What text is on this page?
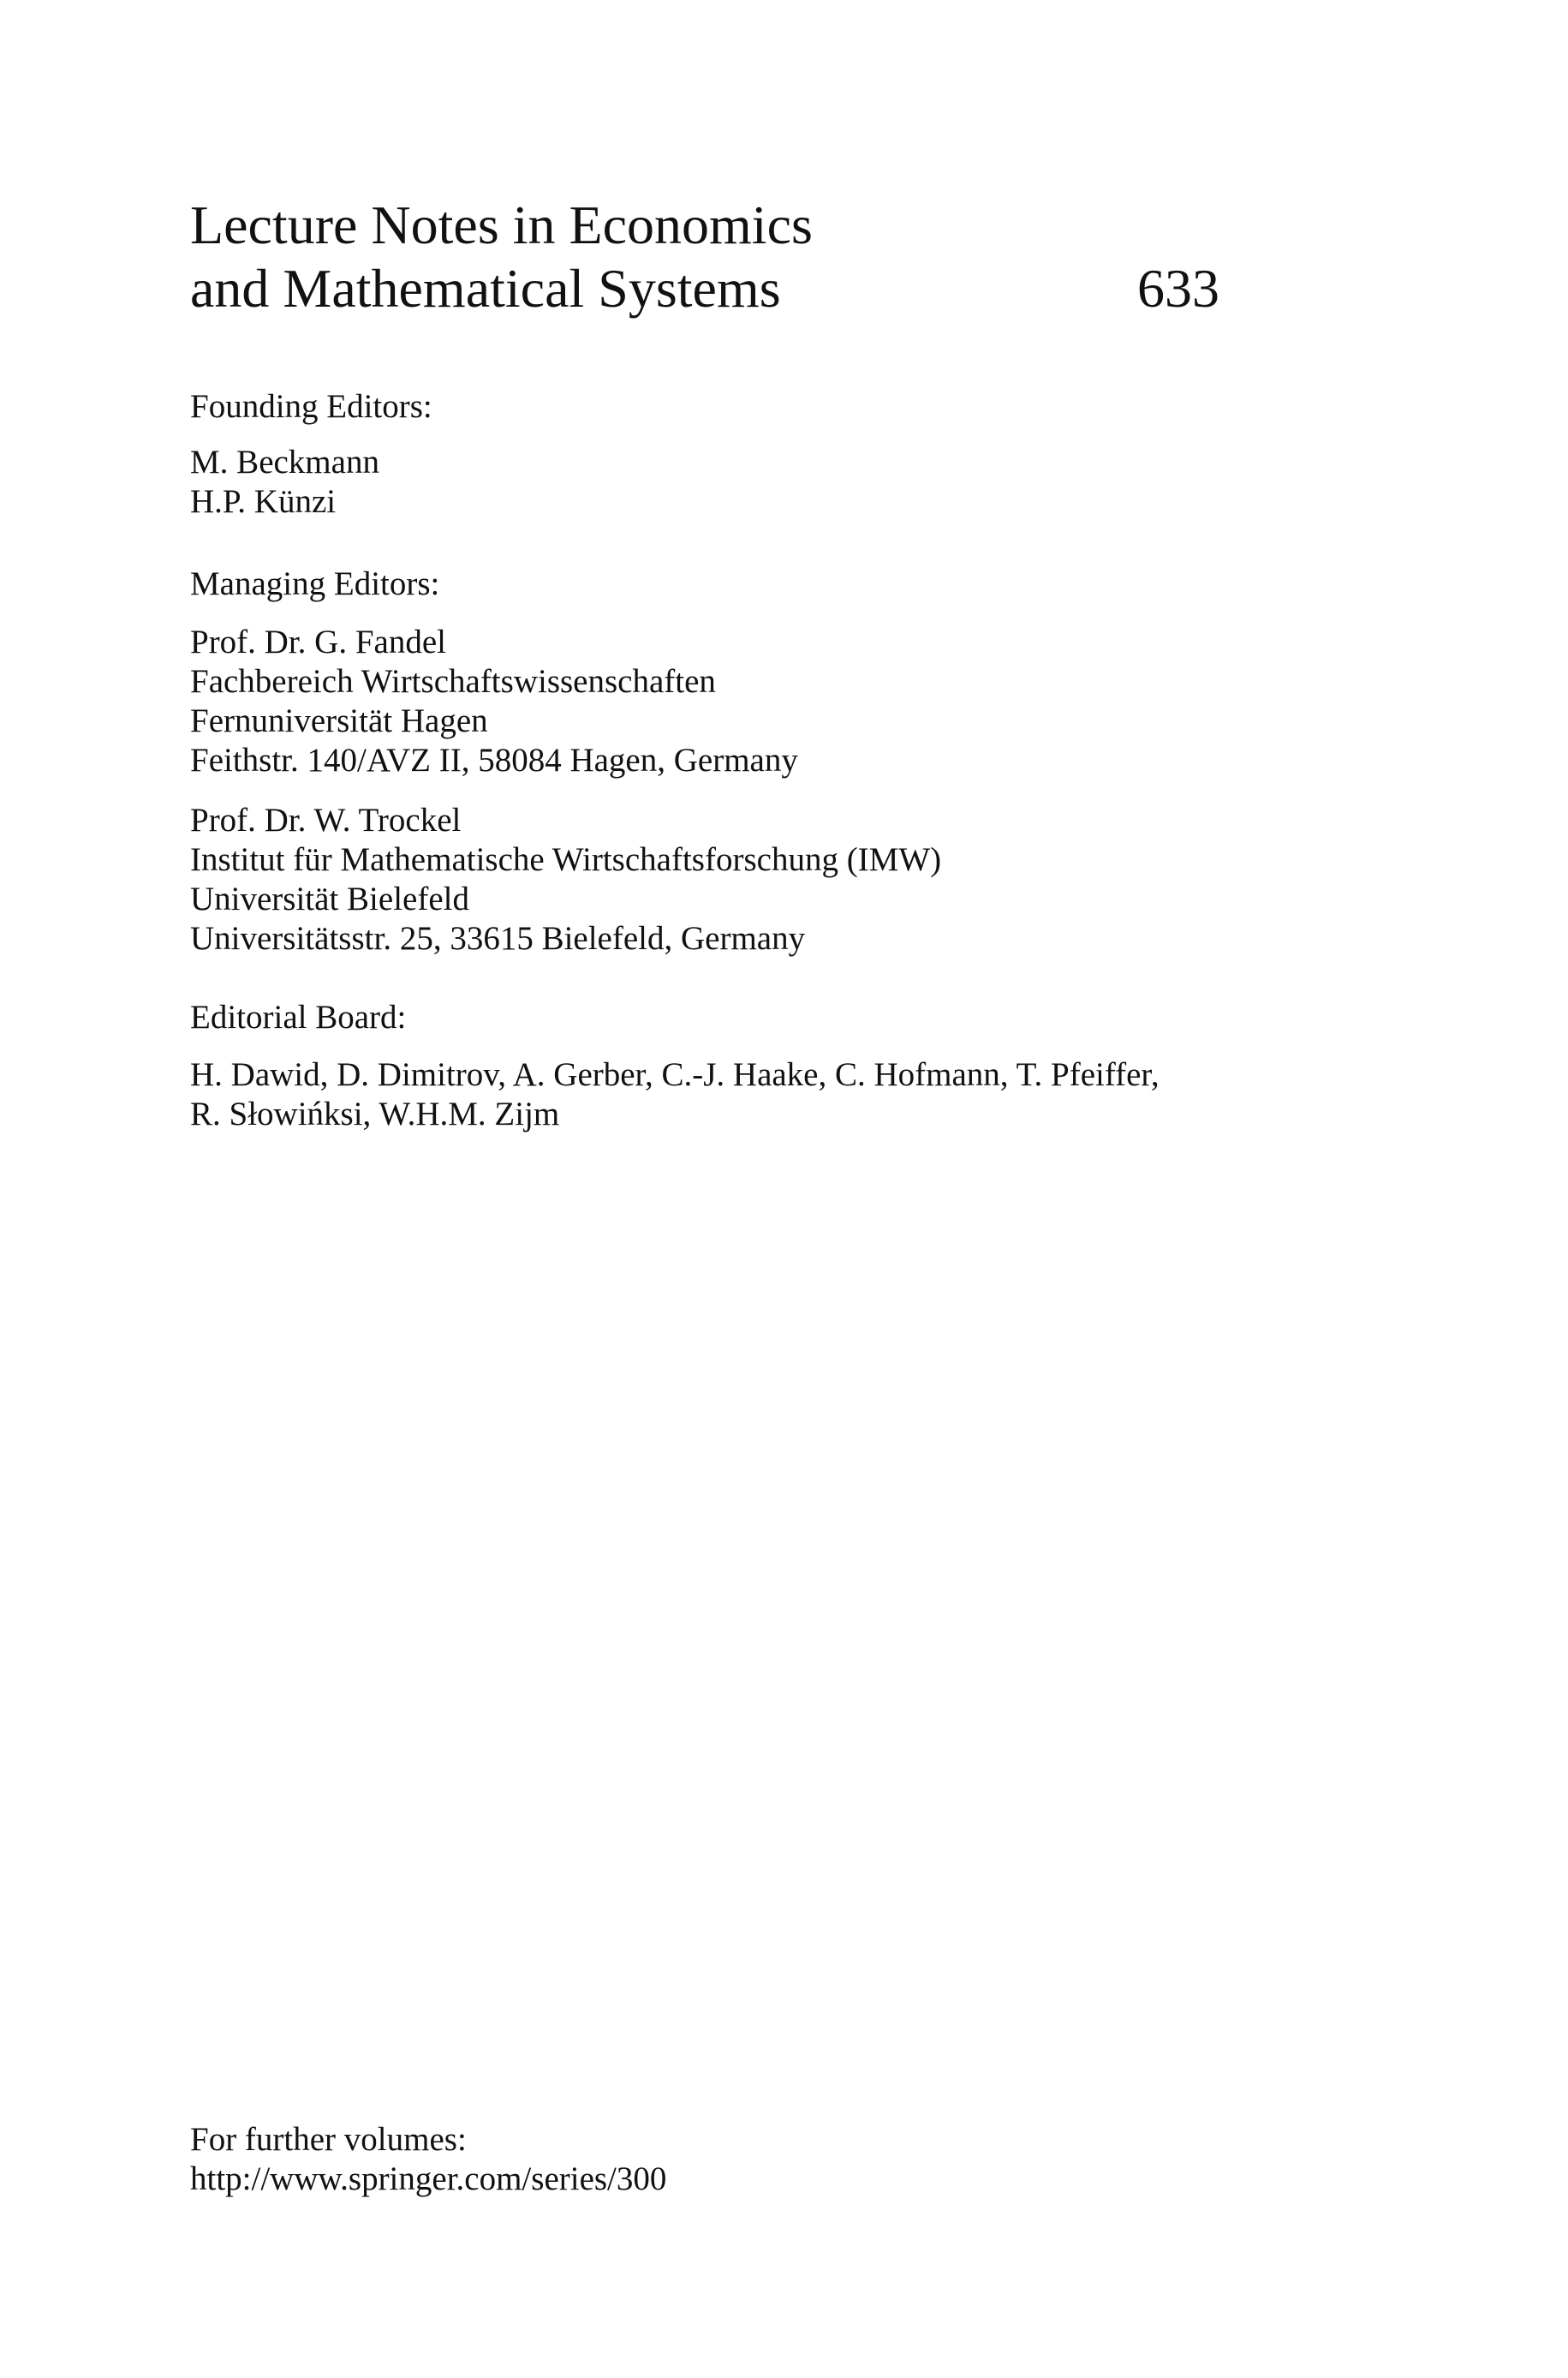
Lecture Notes in Economics
and Mathematical Systems	633
Founding Editors:
M. Beckmann
H.P. Künzi
Managing Editors:
Prof. Dr. G. Fandel
Fachbereich Wirtschaftswissenschaften
Fernuniversität Hagen
Feithstr. 140/AVZ II, 58084 Hagen, Germany
Prof. Dr. W. Trockel
Institut für Mathematische Wirtschaftsforschung (IMW)
Universität Bielefeld
Universitätsstr. 25, 33615 Bielefeld, Germany
Editorial Board:
H. Dawid, D. Dimitrov, A. Gerber, C.-J. Haake, C. Hofmann, T. Pfeiffer,
R. Słowińksi, W.H.M. Zijm
For further volumes:
http://www.springer.com/series/300
